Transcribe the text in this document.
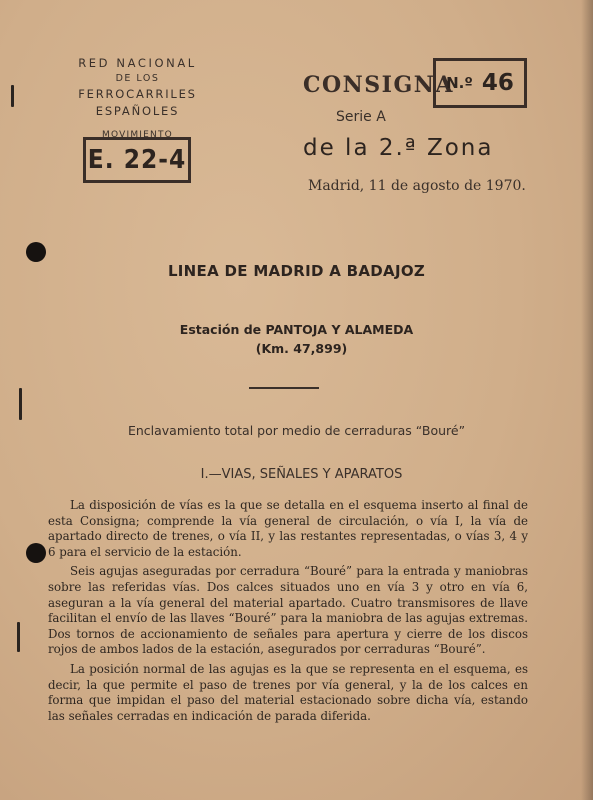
RED NACIONAL
DE LOS
FERROCARRILES ESPAÑOLES
MOVIMIENTO
E. 22-4
CONSIGNA
N.º 46
Serie A
de la 2.ª Zona
Madrid, 11 de agosto de 1970.
LINEA DE MADRID A BADAJOZ
Estación de PANTOJA Y ALAMEDA
(Km. 47,899)
Enclavamiento total por medio de cerraduras “Bouré”
I.—VIAS, SEÑALES Y APARATOS

La disposición de vías es la que se detalla en el esquema inserto al final de esta Consigna; comprende la vía general de circulación, o vía I, la vía de apartado directo de trenes, o vía II, y las restantes representadas, o vías 3, 4 y 6 para el servicio de la estación.

Seis agujas aseguradas por cerradura “Bouré” para la entrada y maniobras sobre las referidas vías. Dos calces situados uno en vía 3 y otro en vía 6, aseguran a la vía general del material apartado. Cuatro transmisores de llave facilitan el envío de las llaves “Bouré” para la maniobra de las agujas extremas. Dos tornos de accionamiento de señales para apertura y cierre de los discos rojos de ambos lados de la estación, asegurados por cerraduras “Bouré”.

La posición normal de las agujas es la que se representa en el esquema, es decir, la que permite el paso de trenes por vía general, y la de los calces en forma que impidan el paso del material estacionado sobre dicha vía, estando las señales cerradas en indicación de parada diferida.
